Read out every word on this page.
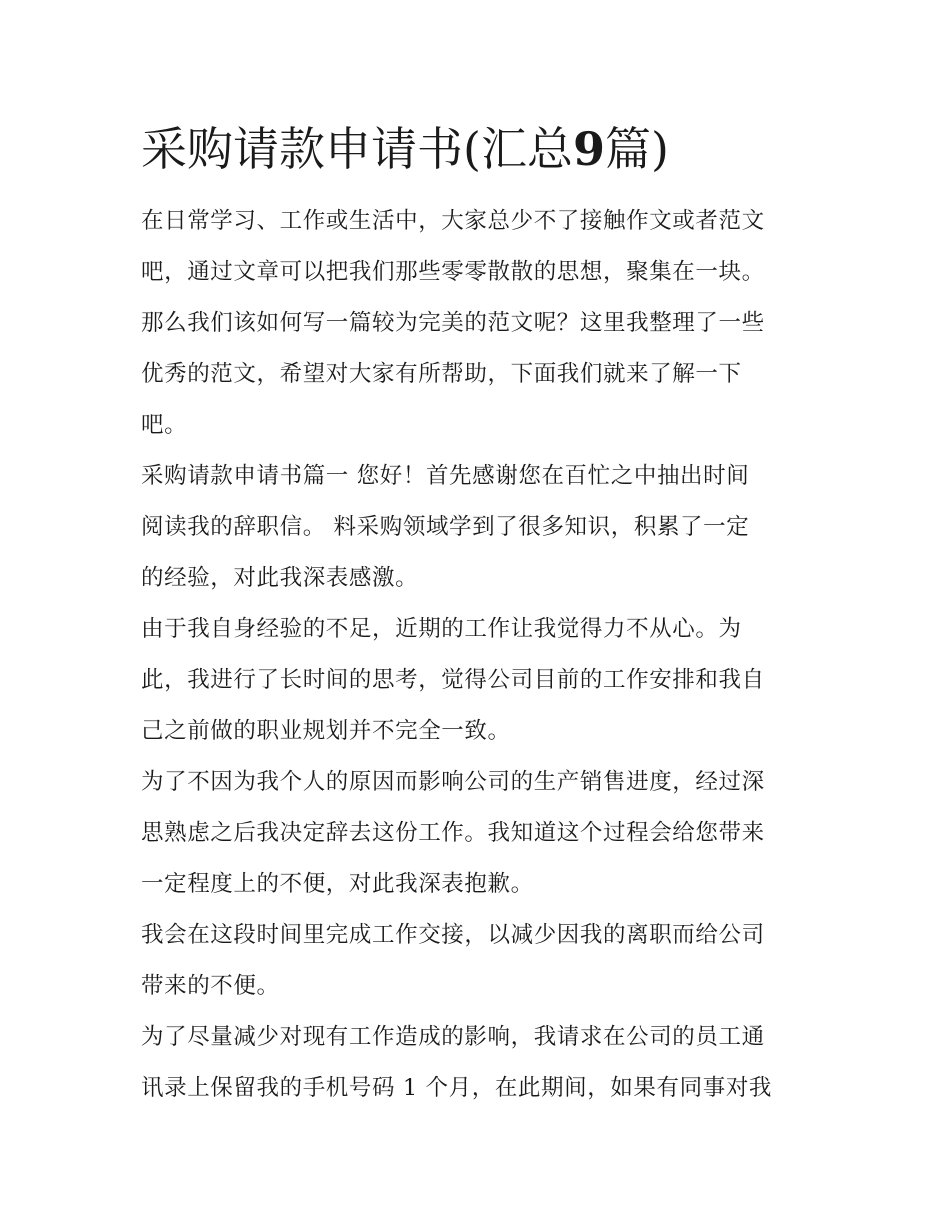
采购请款申请书(汇总9篇)
在日常学习、工作或生活中，大家总少不了接触作文或者范文
吧，通过文章可以把我们那些零零散散的思想，聚集在一块。
那么我们该如何写一篇较为完美的范文呢？这里我整理了一些
优秀的范文，希望对大家有所帮助，下面我们就来了解一下
吧。
采购请款申请书篇一 您好！首先感谢您在百忙之中抽出时间
阅读我的辞职信。 料采购领域学到了很多知识，积累了一定
的经验，对此我深表感激。
由于我自身经验的不足，近期的工作让我觉得力不从心。为
此，我进行了长时间的思考，觉得公司目前的工作安排和我自
己之前做的职业规划并不完全一致。
为了不因为我个人的原因而影响公司的生产销售进度，经过深
思熟虑之后我决定辞去这份工作。我知道这个过程会给您带来
一定程度上的不便，对此我深表抱歉。
我会在这段时间里完成工作交接，以减少因我的离职而给公司
带来的不便。
为了尽量减少对现有工作造成的影响，我请求在公司的员工通
讯录上保留我的手机号码 1 个月，在此期间，如果有同事对我
